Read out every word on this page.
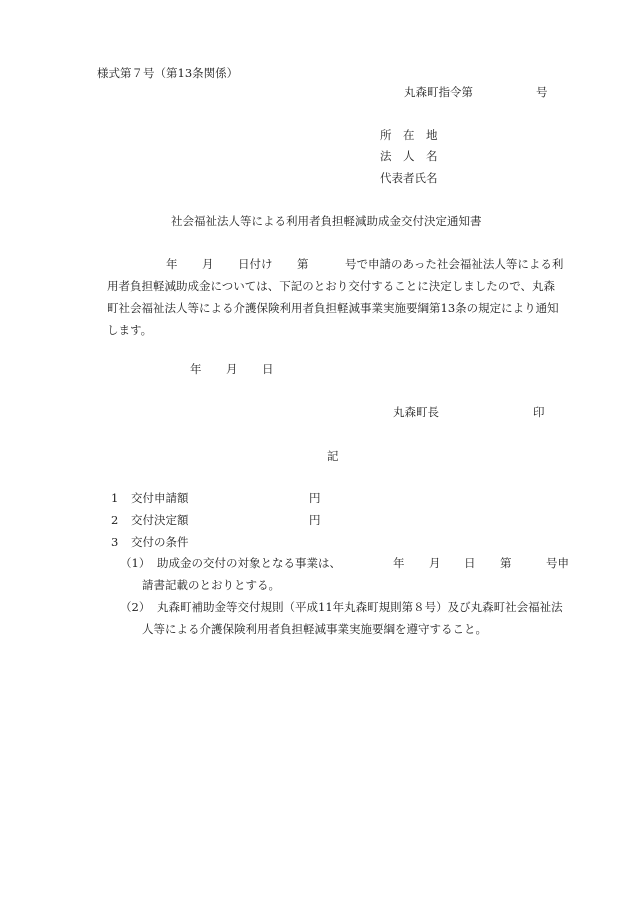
様式第７号（第13条関係）
丸森町指令第	号
所　在　地
法　人　名
代表者氏名
社会福祉法人等による利用者負担軽減助成金交付決定通知書
年 月 日付け 第	号で申請のあった社会福祉法人等による利
用者負担軽減助成金については、下記のとおり交付することに決定しましたので、丸森
町社会福祉法人等による介護保険利用者負担軽減事業実施要綱第13条の規定により通知
します。
年 月 日
丸森町長	印
記
1 交付申請額	円
2 交付決定額	円
3 交付の条件
（1） 助成金の交付の対象となる事業は、	年 月 日 第	号申
請書記載のとおりとする。
（2） 丸森町補助金等交付規則（平成11年丸森町規則第８号）及び丸森町社会福祉法
人等による介護保険利用者負担軽減事業実施要綱を遵守すること。
